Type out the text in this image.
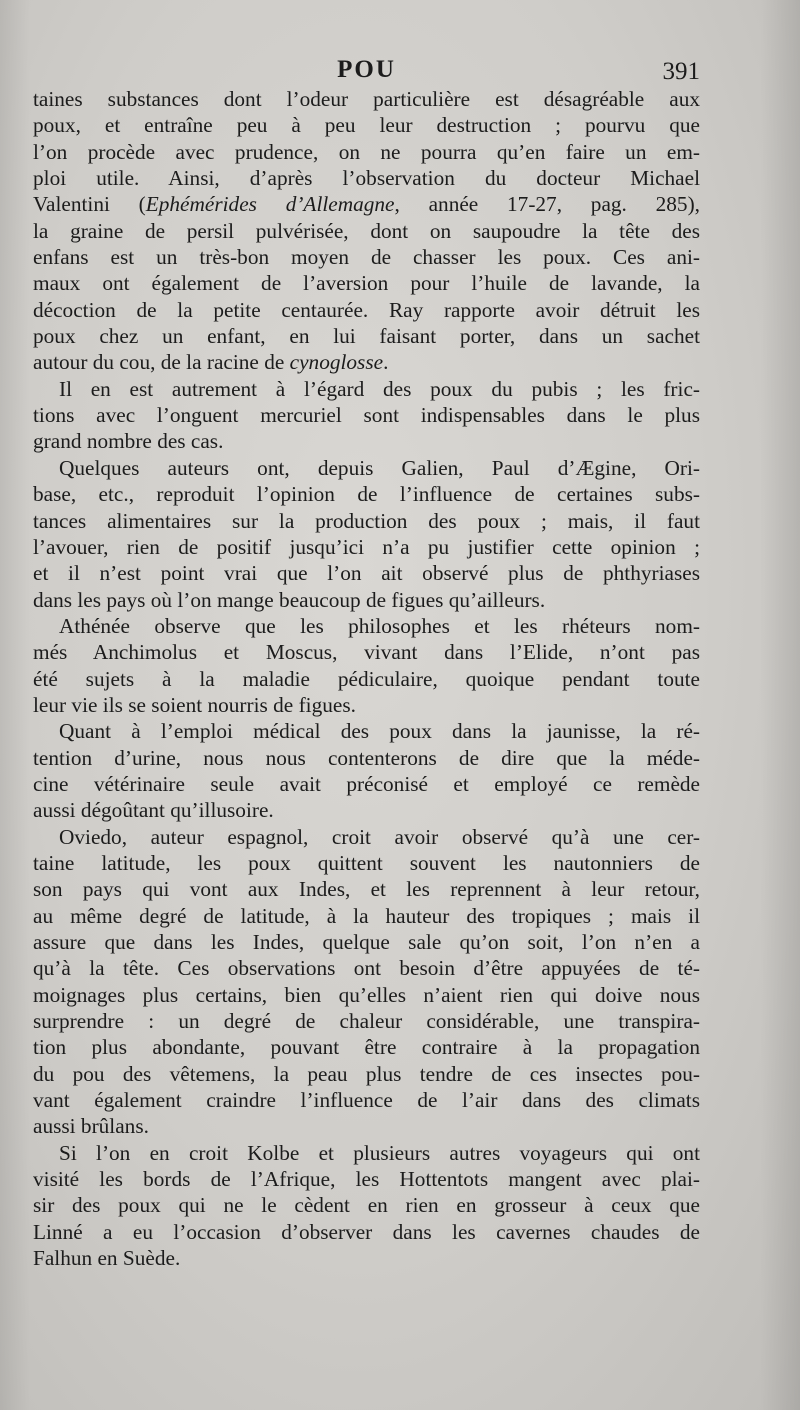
POU	391
taines substances dont l’odeur particulière est désagréable aux
poux, et entraîne peu à peu leur destruction ; pourvu que
l’on procède avec prudence, on ne pourra qu’en faire un em-
ploi utile. Ainsi, d’après l’observation du docteur Michael
Valentini (Ephémérides d’Allemagne, année 17-27, pag. 285),
la graine de persil pulvérisée, dont on saupoudre la tête des
enfans est un très-bon moyen de chasser les poux. Ces ani-
maux ont également de l’aversion pour l’huile de lavande, la
décoction de la petite centaurée. Ray rapporte avoir détruit les
poux chez un enfant, en lui faisant porter, dans un sachet
autour du cou, de la racine de cynoglosse.
Il en est autrement à l’égard des poux du pubis ; les fric-
tions avec l’onguent mercuriel sont indispensables dans le plus
grand nombre des cas.
Quelques auteurs ont, depuis Galien, Paul d’Ægine, Ori-
base, etc., reproduit l’opinion de l’influence de certaines subs-
tances alimentaires sur la production des poux ; mais, il faut
l’avouer, rien de positif jusqu’ici n’a pu justifier cette opinion ;
et il n’est point vrai que l’on ait observé plus de phthyriases
dans les pays où l’on mange beaucoup de figues qu’ailleurs.
Athénée observe que les philosophes et les rhéteurs nom-
més Anchimolus et Moscus, vivant dans l’Elide, n’ont pas
été sujets à la maladie pédiculaire, quoique pendant toute
leur vie ils se soient nourris de figues.
Quant à l’emploi médical des poux dans la jaunisse, la ré-
tention d’urine, nous nous contenterons de dire que la méde-
cine vétérinaire seule avait préconisé et employé ce remède
aussi dégoûtant qu’illusoire.
Oviedo, auteur espagnol, croit avoir observé qu’à une cer-
taine latitude, les poux quittent souvent les nautonniers de
son pays qui vont aux Indes, et les reprennent à leur retour,
au même degré de latitude, à la hauteur des tropiques ; mais il
assure que dans les Indes, quelque sale qu’on soit, l’on n’en a
qu’à la tête. Ces observations ont besoin d’être appuyées de té-
moignages plus certains, bien qu’elles n’aient rien qui doive nous
surprendre : un degré de chaleur considérable, une transpira-
tion plus abondante, pouvant être contraire à la propagation
du pou des vêtemens, la peau plus tendre de ces insectes pou-
vant également craindre l’influence de l’air dans des climats
aussi brûlans.
Si l’on en croit Kolbe et plusieurs autres voyageurs qui ont
visité les bords de l’Afrique, les Hottentots mangent avec plai-
sir des poux qui ne le cèdent en rien en grosseur à ceux que
Linné a eu l’occasion d’observer dans les cavernes chaudes de
Falhun en Suède.
